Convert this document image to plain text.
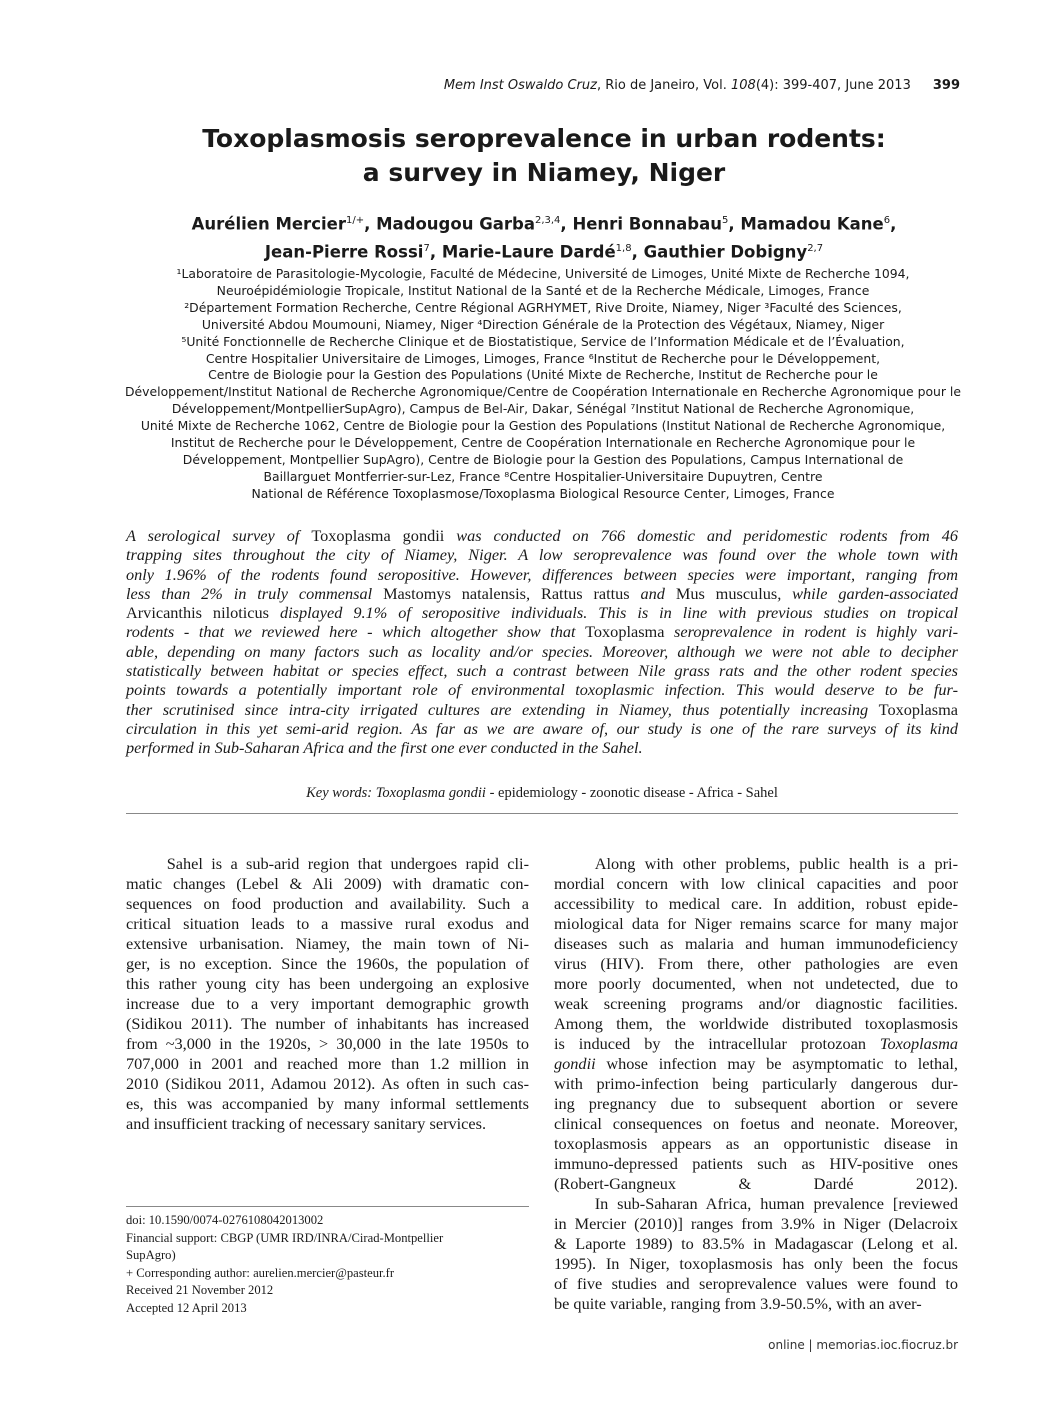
Mem Inst Oswaldo Cruz, Rio de Janeiro, Vol. 108(4): 399-407, June 2013 399
Toxoplasmosis seroprevalence in urban rodents:
a survey in Niamey, Niger
Aurélien Mercier$^{1/+}$, Madougou Garba$^{2,3,4}$, Henri Bonnabau$^5$, Mamadou Kane$^6$,
Jean-Pierre Rossi$^7$, Marie-Laure Dardé$^{1,8}$, Gauthier Dobigny$^{2,7}$
¹Laboratoire de Parasitologie-Mycologie, Faculté de Médecine, Université de Limoges, Unité Mixte de Recherche 1094,
Neuroépidémiologie Tropicale, Institut National de la Santé et de la Recherche Médicale, Limoges, France
²Département Formation Recherche, Centre Régional AGRHYMET, Rive Droite, Niamey, Niger ³Faculté des Sciences,
Université Abdou Moumouni, Niamey, Niger ⁴Direction Générale de la Protection des Végétaux, Niamey, Niger
⁵Unité Fonctionnelle de Recherche Clinique et de Biostatistique, Service de l’Information Médicale et de l’Évaluation,
Centre Hospitalier Universitaire de Limoges, Limoges, France ⁶Institut de Recherche pour le Développement,
Centre de Biologie pour la Gestion des Populations (Unité Mixte de Recherche, Institut de Recherche pour le
Développement/Institut National de Recherche Agronomique/Centre de Coopération Internationale en Recherche Agronomique pour le
Développement/MontpellierSupAgro), Campus de Bel-Air, Dakar, Sénégal ⁷Institut National de Recherche Agronomique,
Unité Mixte de Recherche 1062, Centre de Biologie pour la Gestion des Populations (Institut National de Recherche Agronomique,
Institut de Recherche pour le Développement, Centre de Coopération Internationale en Recherche Agronomique pour le
Développement, Montpellier SupAgro), Centre de Biologie pour la Gestion des Populations, Campus International de
Baillarguet Montferrier-sur-Lez, France ⁸Centre Hospitalier-Universitaire Dupuytren, Centre
National de Référence Toxoplasmose/Toxoplasma Biological Resource Center, Limoges, France
A serological survey of Toxoplasma gondii was conducted on 766 domestic and peridomestic rodents from 46
trapping sites throughout the city of Niamey, Niger. A low seroprevalence was found over the whole town with
only 1.96% of the rodents found seropositive. However, differences between species were important, ranging from
less than 2% in truly commensal Mastomys natalensis, Rattus rattus and Mus musculus, while garden-associated
Arvicanthis niloticus displayed 9.1% of seropositive individuals. This is in line with previous studies on tropical
rodents - that we reviewed here - which altogether show that Toxoplasma seroprevalence in rodent is highly vari-
able, depending on many factors such as locality and/or species. Moreover, although we were not able to decipher
statistically between habitat or species effect, such a contrast between Nile grass rats and the other rodent species
points towards a potentially important role of environmental toxoplasmic infection. This would deserve to be fur-
ther scrutinised since intra-city irrigated cultures are extending in Niamey, thus potentially increasing Toxoplasma
circulation in this yet semi-arid region. As far as we are aware of, our study is one of the rare surveys of its kind
performed in Sub-Saharan Africa and the first one ever conducted in the Sahel.
Key words: Toxoplasma gondii - epidemiology - zoonotic disease - Africa - Sahel
   Sahel is a sub-arid region that undergoes rapid cli-
matic changes (Lebel & Ali 2009) with dramatic con-
sequences on food production and availability. Such a
critical situation leads to a massive rural exodus and
extensive urbanisation. Niamey, the main town of Ni-
ger, is no exception. Since the 1960s, the population of
this rather young city has been undergoing an explosive
increase due to a very important demographic growth
(Sidikou 2011). The number of inhabitants has increased
from ~3,000 in the 1920s, > 30,000 in the late 1950s to
707,000 in 2001 and reached more than 1.2 million in
2010 (Sidikou 2011, Adamou 2012). As often in such cas-
es, this was accompanied by many informal settlements
and insufficient tracking of necessary sanitary services.
   Along with other problems, public health is a pri-
mordial concern with low clinical capacities and poor
accessibility to medical care. In addition, robust epide-
miological data for Niger remains scarce for many major
diseases such as malaria and human immunodeficiency
virus (HIV). From there, other pathologies are even
more poorly documented, when not undetected, due to
weak screening programs and/or diagnostic facilities.
Among them, the worldwide distributed toxoplasmosis
is induced by the intracellular protozoan Toxoplasma
gondii whose infection may be asymptomatic to lethal,
with primo-infection being particularly dangerous dur-
ing pregnancy due to subsequent abortion or severe
clinical consequences on foetus and neonate. Moreover,
toxoplasmosis appears as an opportunistic disease in
immuno-depressed patients such as HIV-positive ones
(Robert-Gangneux & Dardé 2012).
   In sub-Saharan Africa, human prevalence [reviewed
in Mercier (2010)] ranges from 3.9% in Niger (Delacroix
& Laporte 1989) to 83.5% in Madagascar (Lelong et al.
1995). In Niger, toxoplasmosis has only been the focus
of five studies and seroprevalence values were found to
be quite variable, ranging from 3.9-50.5%, with an aver-
doi: 10.1590/0074-0276108042013002
Financial support: CBGP (UMR IRD/INRA/Cirad-Montpellier
SupAgro)
+ Corresponding author: aurelien.mercier@pasteur.fr
Received 21 November 2012
Accepted 12 April 2013
online | memorias.ioc.fiocruz.br
